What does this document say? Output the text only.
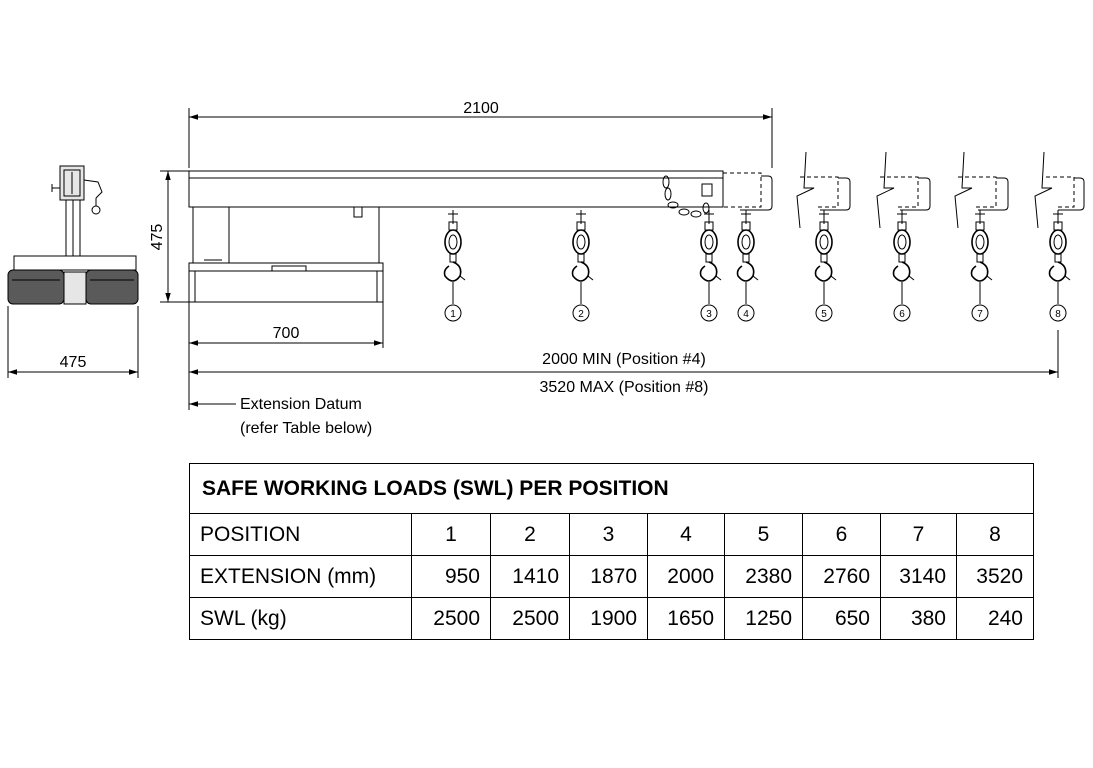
475
2100
475
700
2000 MIN (Position #4)
3520 MAX (Position #8)
Extension Datum
(refer Table below)
1	2	3	4	5	6	7	8
SAFE WORKING LOADS (SWL) PER POSITION								
POSITION	1	2	3	4	5	6	7	8
EXTENSION (mm)	950	1410	1870	2000	2380	2760	3140	3520
SWL (kg)	2500	2500	1900	1650	1250	650	380	240
